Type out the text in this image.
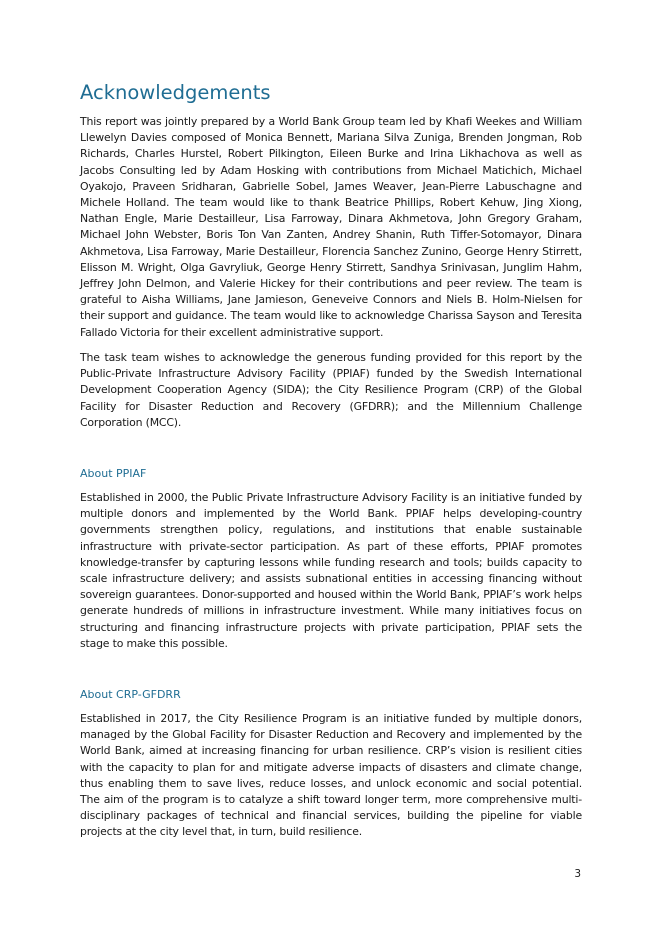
Acknowledgements

This report was jointly prepared by a World Bank Group team led by Khafi Weekes and William Llewelyn Davies composed of Monica Bennett, Mariana Silva Zuniga, Brenden Jongman, Rob Richards, Charles Hurstel, Robert Pilkington, Eileen Burke and Irina Likhachova as well as Jacobs Consulting led by Adam Hosking with contributions from Michael Matichich, Michael Oyakojo, Praveen Sridharan, Gabrielle Sobel, James Weaver, Jean-Pierre Labuschagne and Michele Holland. The team would like to thank Beatrice Phillips, Robert Kehuw, Jing Xiong, Nathan Engle, Marie Destailleur, Lisa Farroway, Dinara Akhmetova, John Gregory Graham, Michael John Webster, Boris Ton Van Zanten, Andrey Shanin, Ruth Tiffer-Sotomayor, Dinara Akhmetova, Lisa Farroway, Marie Destailleur, Florencia Sanchez Zunino, George Henry Stirrett, Elisson M. Wright, Olga Gavryliuk, George Henry Stirrett, Sandhya Srinivasan, Junglim Hahm, Jeffrey John Delmon, and Valerie Hickey for their contributions and peer review. The team is grateful to Aisha Williams, Jane Jamieson, Geneveive Connors and Niels B. Holm-Nielsen for their support and guidance. The team would like to acknowledge Charissa Sayson and Teresita Fallado Victoria for their excellent administrative support.

The task team wishes to acknowledge the generous funding provided for this report by the Public-Private Infrastructure Advisory Facility (PPIAF) funded by the Swedish International Development Cooperation Agency (SIDA); the City Resilience Program (CRP) of the Global Facility for Disaster Reduction and Recovery (GFDRR); and the Millennium Challenge Corporation (MCC).

About PPIAF

Established in 2000, the Public Private Infrastructure Advisory Facility is an initiative funded by multiple donors and implemented by the World Bank. PPIAF helps developing-country governments strengthen policy, regulations, and institutions that enable sustainable infrastructure with private-sector participation. As part of these efforts, PPIAF promotes knowledge-transfer by capturing lessons while funding research and tools; builds capacity to scale infrastructure delivery; and assists subnational entities in accessing financing without sovereign guarantees. Donor-supported and housed within the World Bank, PPIAF’s work helps generate hundreds of millions in infrastructure investment. While many initiatives focus on structuring and financing infrastructure projects with private participation, PPIAF sets the stage to make this possible.

About CRP-GFDRR

Established in 2017, the City Resilience Program is an initiative funded by multiple donors, managed by the Global Facility for Disaster Reduction and Recovery and implemented by the World Bank, aimed at increasing financing for urban resilience. CRP’s vision is resilient cities with the capacity to plan for and mitigate adverse impacts of disasters and climate change, thus enabling them to save lives, reduce losses, and unlock economic and social potential. The aim of the program is to catalyze a shift toward longer term, more comprehensive multi-disciplinary packages of technical and financial services, building the pipeline for viable projects at the city level that, in turn, build resilience.

3
